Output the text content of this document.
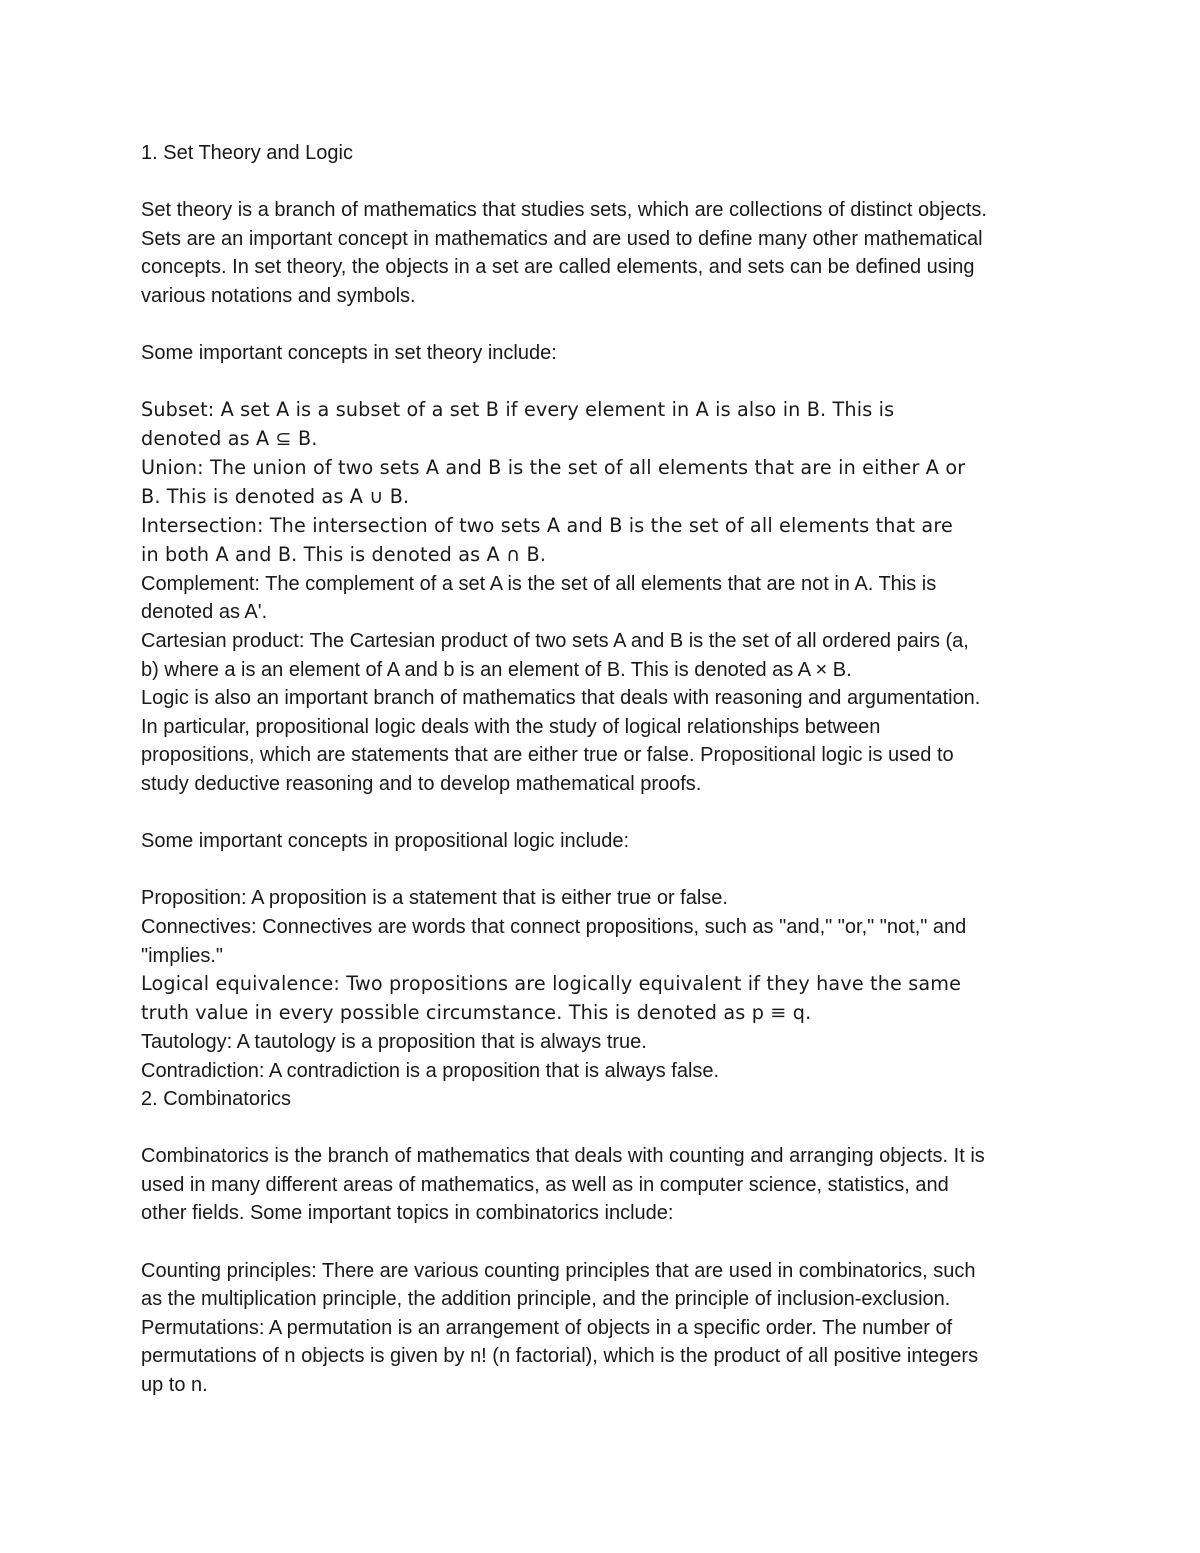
1. Set Theory and Logic
Set theory is a branch of mathematics that studies sets, which are collections of distinct objects.
Sets are an important concept in mathematics and are used to define many other mathematical
concepts. In set theory, the objects in a set are called elements, and sets can be defined using
various notations and symbols.
Some important concepts in set theory include:
Subset: A set A is a subset of a set B if every element in A is also in B. This is
denoted as A ⊆ B.
Union: The union of two sets A and B is the set of all elements that are in either A or
B. This is denoted as A ∪ B.
Intersection: The intersection of two sets A and B is the set of all elements that are
in both A and B. This is denoted as A ∩ B.
Complement: The complement of a set A is the set of all elements that are not in A. This is
denoted as A'.
Cartesian product: The Cartesian product of two sets A and B is the set of all ordered pairs (a,
b) where a is an element of A and b is an element of B. This is denoted as A × B.
Logic is also an important branch of mathematics that deals with reasoning and argumentation.
In particular, propositional logic deals with the study of logical relationships between
propositions, which are statements that are either true or false. Propositional logic is used to
study deductive reasoning and to develop mathematical proofs.
Some important concepts in propositional logic include:
Proposition: A proposition is a statement that is either true or false.
Connectives: Connectives are words that connect propositions, such as "and," "or," "not," and
"implies."
Logical equivalence: Two propositions are logically equivalent if they have the same
truth value in every possible circumstance. This is denoted as p ≡ q.
Tautology: A tautology is a proposition that is always true.
Contradiction: A contradiction is a proposition that is always false.
2. Combinatorics
Combinatorics is the branch of mathematics that deals with counting and arranging objects. It is
used in many different areas of mathematics, as well as in computer science, statistics, and
other fields. Some important topics in combinatorics include:
Counting principles: There are various counting principles that are used in combinatorics, such
as the multiplication principle, the addition principle, and the principle of inclusion-exclusion.
Permutations: A permutation is an arrangement of objects in a specific order. The number of
permutations of n objects is given by n! (n factorial), which is the product of all positive integers
up to n.
